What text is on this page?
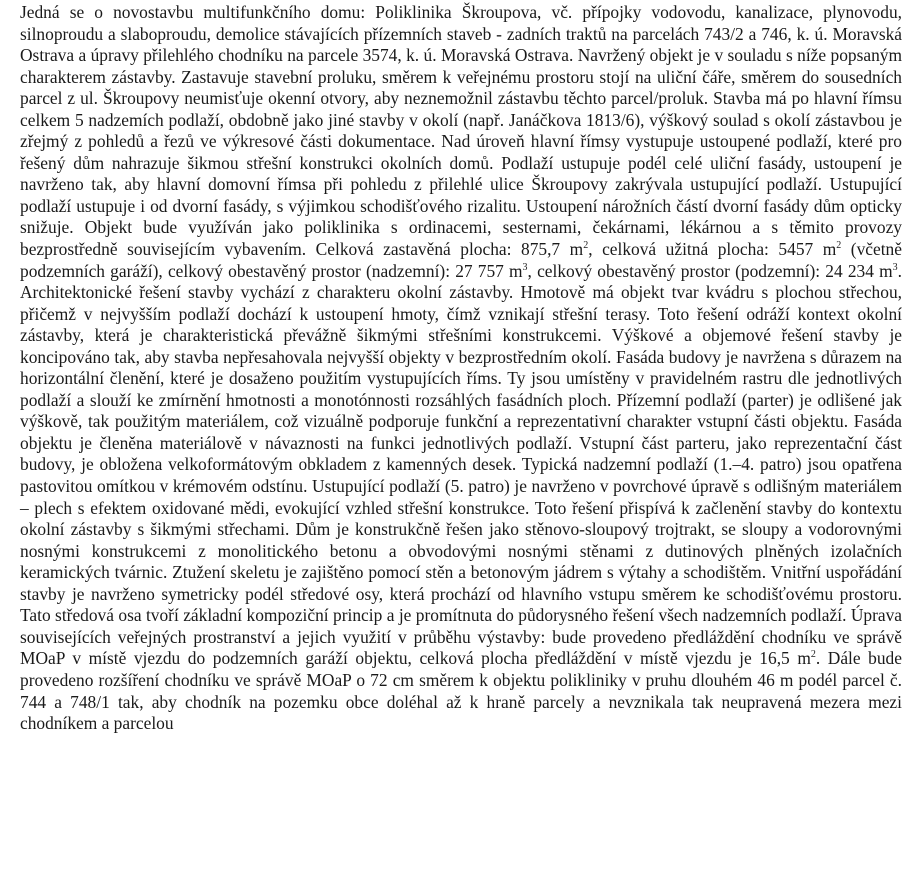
Jedná se o novostavbu multifunkčního domu: Poliklinika Škroupova, vč. přípojky vodovodu, kanalizace, plynovodu, silnoproudu a slaboproudu, demolice stávajících přízemních staveb - zadních traktů na parcelách 743/2 a 746, k. ú. Moravská Ostrava a úpravy přilehlého chodníku na parcele 3574, k. ú. Moravská Ostrava. Navržený objekt je v souladu s níže popsaným charakterem zástavby. Zastavuje stavební proluku, směrem k veřejnému prostoru stojí na uliční čáře, směrem do sousedních parcel z ul. Škroupovy neumisťuje okenní otvory, aby neznemožnil zástavbu těchto parcel/proluk. Stavba má po hlavní římsu celkem 5 nadzemích podlaží, obdobně jako jiné stavby v okolí (např. Janáčkova 1813/6), výškový soulad s okolí zástavbou je zřejmý z pohledů a řezů ve výkresové části dokumentace. Nad úroveň hlavní římsy vystupuje ustoupené podlaží, které pro řešený dům nahrazuje šikmou střešní konstrukci okolních domů. Podlaží ustupuje podél celé uliční fasády, ustoupení je navrženo tak, aby hlavní domovní římsa při pohledu z přilehlé ulice Škroupovy zakrývala ustupující podlaží. Ustupující podlaží ustupuje i od dvorní fasády, s výjimkou schodišťového rizalitu. Ustoupení nárožních částí dvorní fasády dům opticky snižuje. Objekt bude využíván jako poliklinika s ordinacemi, sesternami, čekárnami, lékárnou a s těmito provozy bezprostředně souvisejícím vybavením. Celková zastavěná plocha: 875,7 $m^2$, celková užitná plocha: 5457 $m^2$ (včetně podzemních garáží), celkový obestavěný prostor (nadzemní): 27 757 $m^3$, celkový obestavěný prostor (podzemní): 24 234 $m^3$. Architektonické řešení stavby vychází z charakteru okolní zástavby. Hmotově má objekt tvar kvádru s plochou střechou, přičemž v nejvyšším podlaží dochází k ustoupení hmoty, čímž vznikají střešní terasy. Toto řešení odráží kontext okolní zástavby, která je charakteristická převážně šikmými střešními konstrukcemi. Výškové a objemové řešení stavby je koncipováno tak, aby stavba nepřesahovala nejvyšší objekty v bezprostředním okolí. Fasáda budovy je navržena s důrazem na horizontální členění, které je dosaženo použitím vystupujících říms. Ty jsou umístěny v pravidelném rastru dle jednotlivých podlaží a slouží ke zmírnění hmotnosti a monotónnosti rozsáhlých fasádních ploch. Přízemní podlaží (parter) je odlišené jak výškově, tak použitým materiálem, což vizuálně podporuje funkční a reprezentativní charakter vstupní části objektu. Fasáda objektu je členěna materiálově v návaznosti na funkci jednotlivých podlaží. Vstupní část parteru, jako reprezentační část budovy, je obložena velkoformátovým obkladem z kamenných desek. Typická nadzemní podlaží (1.–4. patro) jsou opatřena pastovitou omítkou v krémovém odstínu. Ustupující podlaží (5. patro) je navrženo v povrchové úpravě s odlišným materiálem – plech s efektem oxidované mědi, evokující vzhled střešní konstrukce. Toto řešení přispívá k začlenění stavby do kontextu okolní zástavby s šikmými střechami. Dům je konstrukčně řešen jako stěnovo-sloupový trojtrakt, se sloupy a vodorovnými nosnými konstrukcemi z monolitického betonu a obvodovými nosnými stěnami z dutinových plněných izolačních keramických tvárnic. Ztužení skeletu je zajištěno pomocí stěn a betonovým jádrem s výtahy a schodištěm. Vnitřní uspořádání stavby je navrženo symetricky podél středové osy, která prochází od hlavního vstupu směrem ke schodišťovému prostoru. Tato středová osa tvoří základní kompoziční princip a je promítnuta do půdorysného řešení všech nadzemních podlaží. Úprava souvisejících veřejných prostranství a jejich využití v průběhu výstavby: bude provedeno předláždění chodníku ve správě MOaP v místě vjezdu do podzemních garáží objektu, celková plocha předláždění v místě vjezdu je 16,5 $m^2$. Dále bude provedeno rozšíření chodníku ve správě MOaP o 72 cm směrem k objektu polikliniky v pruhu dlouhém 46 m podél parcel č. 744 a 748/1 tak, aby chodník na pozemku obce doléhal až k hraně parcely a nevznikala tak neupravená mezera mezi chodníkem a parcelou
